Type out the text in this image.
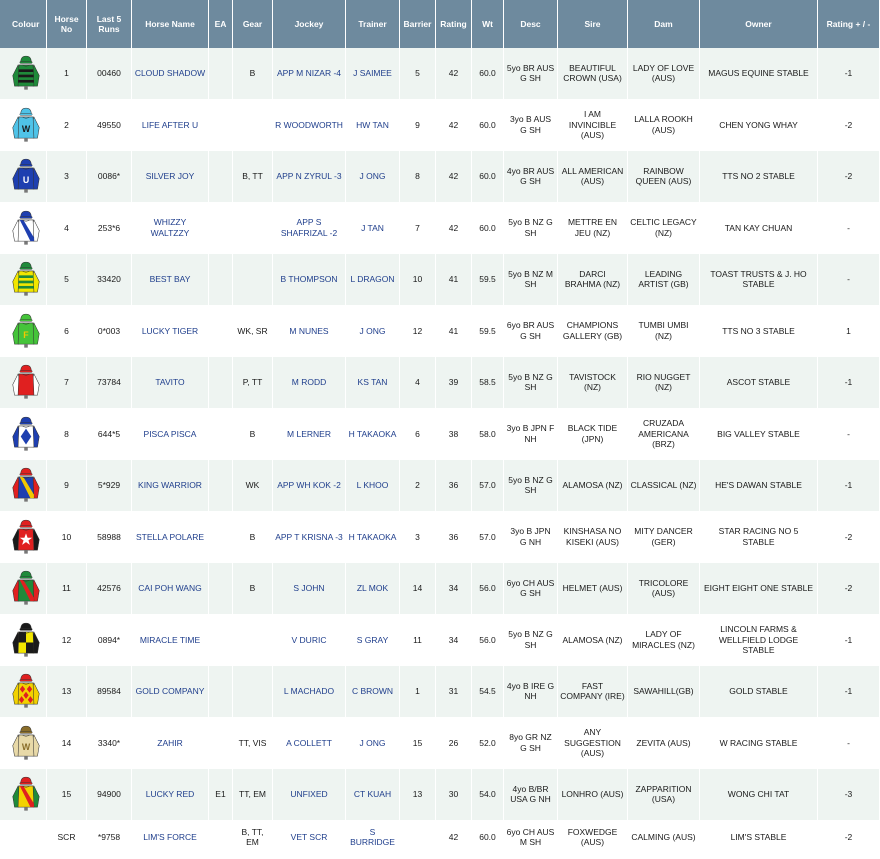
Colour	Horse No	Last 5 Runs	Horse Name	EA	Gear	Jockey	Trainer	Barrier	Rating	Wt	Desc	Sire	Dam	Owner	Rating + / -
	1	00460	CLOUD SHADOW		B	APP M NIZAR -4	J SAIMEE	5	42	60.0	5yo BR AUS G SH	BEAUTIFUL CROWN (USA)	LADY OF LOVE (AUS)	MAGUS EQUINE STABLE	-1

W	2	49550	LIFE AFTER U			R WOODWORTH	HW TAN	9	42	60.0	3yo B AUS G SH	I AM INVINCIBLE (AUS)	LALLA ROOKH (AUS)	CHEN YONG WHAY	-2

U	3	0086*	SILVER JOY		B, TT	APP N ZYRUL -3	J ONG	8	42	60.0	4yo BR AUS G SH	ALL AMERICAN (AUS)	RAINBOW QUEEN (AUS)	TTS NO 2 STABLE	-2
	4	253*6	WHIZZY WALTZZY			APP S SHAFRIZAL -2	J TAN	7	42	60.0	5yo B NZ G SH	METTRE EN JEU (NZ)	CELTIC LEGACY (NZ)	TAN KAY CHUAN	-
	5	33420	BEST BAY			B THOMPSON	L DRAGON	10	41	59.5	5yo B NZ M SH	DARCI BRAHMA (NZ)	LEADING ARTIST (GB)	TOAST TRUSTS & J. HO STABLE	-

F	6	0*003	LUCKY TIGER		WK, SR	M NUNES	J ONG	12	41	59.5	6yo BR AUS G SH	CHAMPIONS GALLERY (GB)	TUMBI UMBI (NZ)	TTS NO 3 STABLE	1
	7	73784	TAVITO		P, TT	M RODD	KS TAN	4	39	58.5	5yo B NZ G SH	TAVISTOCK (NZ)	RIO NUGGET (NZ)	ASCOT STABLE	-1
	8	644*5	PISCA PISCA		B	M LERNER	H TAKAOKA	6	38	58.0	3yo B JPN F NH	BLACK TIDE (JPN)	CRUZADA AMERICANA (BRZ)	BIG VALLEY STABLE	-
	9	5*929	KING WARRIOR		WK	APP WH KOK -2	L KHOO	2	36	57.0	5yo B NZ G SH	ALAMOSA (NZ)	CLASSICAL (NZ)	HE'S DAWAN STABLE	-1
	10	58988	STELLA POLARE		B	APP T KRISNA -3	H TAKAOKA	3	36	57.0	3yo B JPN G NH	KINSHASA NO KISEKI (AUS)	MITY DANCER (GER)	STAR RACING NO 5 STABLE	-2
	11	42576	CAI POH WANG		B	S JOHN	ZL MOK	14	34	56.0	6yo CH AUS G SH	HELMET (AUS)	TRICOLORE (AUS)	EIGHT EIGHT ONE STABLE	-2
	12	0894*	MIRACLE TIME			V DURIC	S GRAY	11	34	56.0	5yo B NZ G SH	ALAMOSA (NZ)	LADY OF MIRACLES (NZ)	LINCOLN FARMS & WELLFIELD LODGE STABLE	-1
	13	89584	GOLD COMPANY			L MACHADO	C BROWN	1	31	54.5	4yo B IRE G NH	FAST COMPANY (IRE)	SAWAHILL(GB)	GOLD STABLE	-1

W	14	3340*	ZAHIR		TT, VIS	A COLLETT	J ONG	15	26	52.0	8yo GR NZ G SH	ANY SUGGESTION (AUS)	ZEVITA (AUS)	W RACING STABLE	-
	15	94900	LUCKY RED	E1	TT, EM	UNFIXED	CT KUAH	13	30	54.0	4yo B/BR USA G NH	LONHRO (AUS)	ZAPPARITION (USA)	WONG CHI TAT	-3
	SCR	*9758	LIM'S FORCE		B, TT, EM	VET SCR	S BURRIDGE		42	60.0	6yo CH AUS M SH	FOXWEDGE (AUS)	CALMING (AUS)	LIM'S STABLE	-2
